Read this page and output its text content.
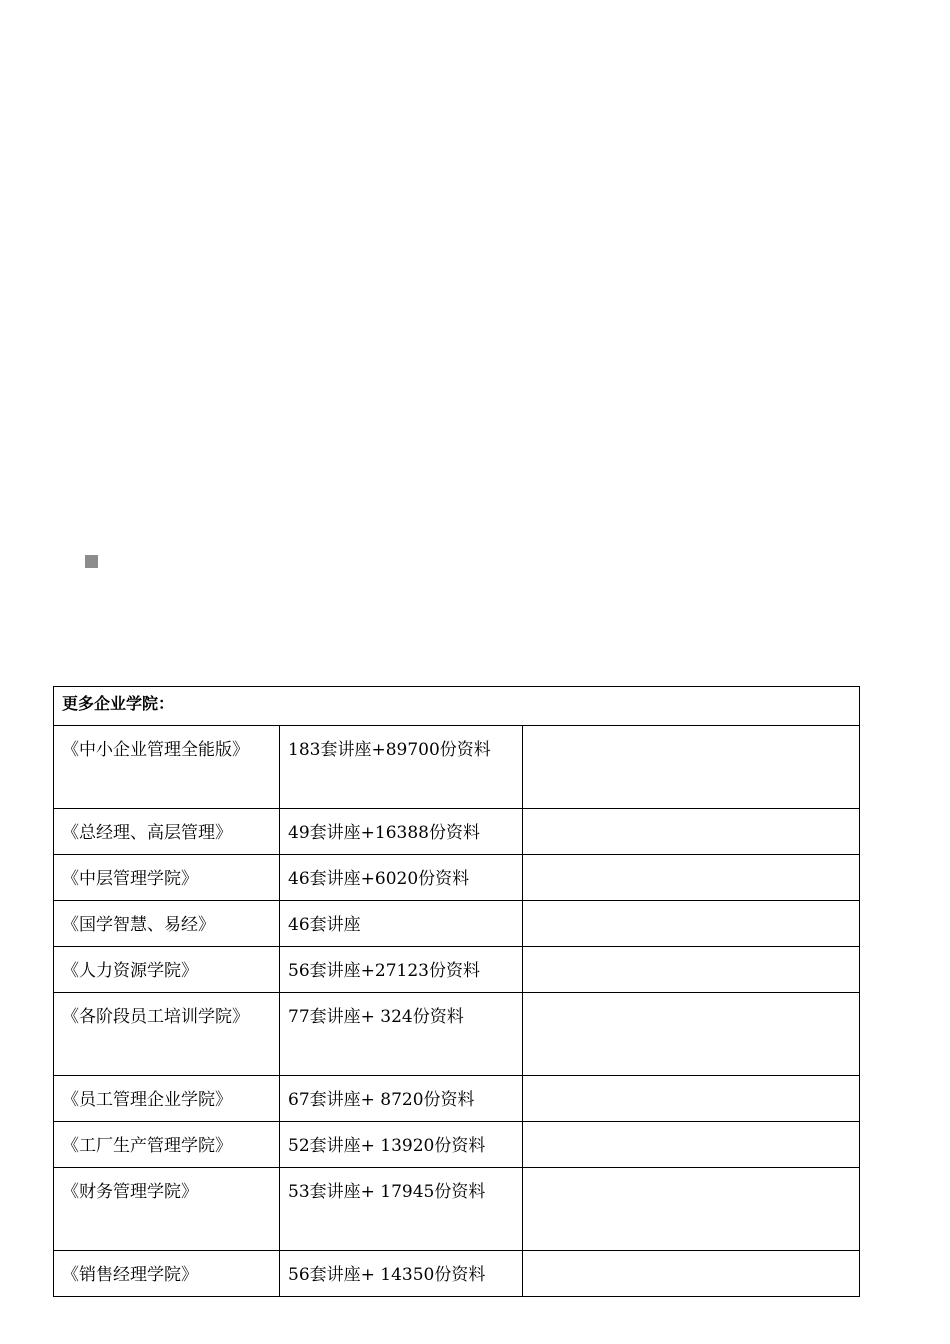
更多企业学院：		
《中小企业管理全能版》	183套讲座+89700份资料	
《总经理、高层管理》	49套讲座+16388份资料	
《中层管理学院》	46套讲座+6020份资料	
《国学智慧、易经》	46套讲座	
《人力资源学院》	56套讲座+27123份资料	
《各阶段员工培训学院》	77套讲座+ 324份资料	
《员工管理企业学院》	67套讲座+ 8720份资料	
《工厂生产管理学院》	52套讲座+ 13920份资料	
《财务管理学院》	53套讲座+ 17945份资料	
《销售经理学院》	56套讲座+ 14350份资料	
